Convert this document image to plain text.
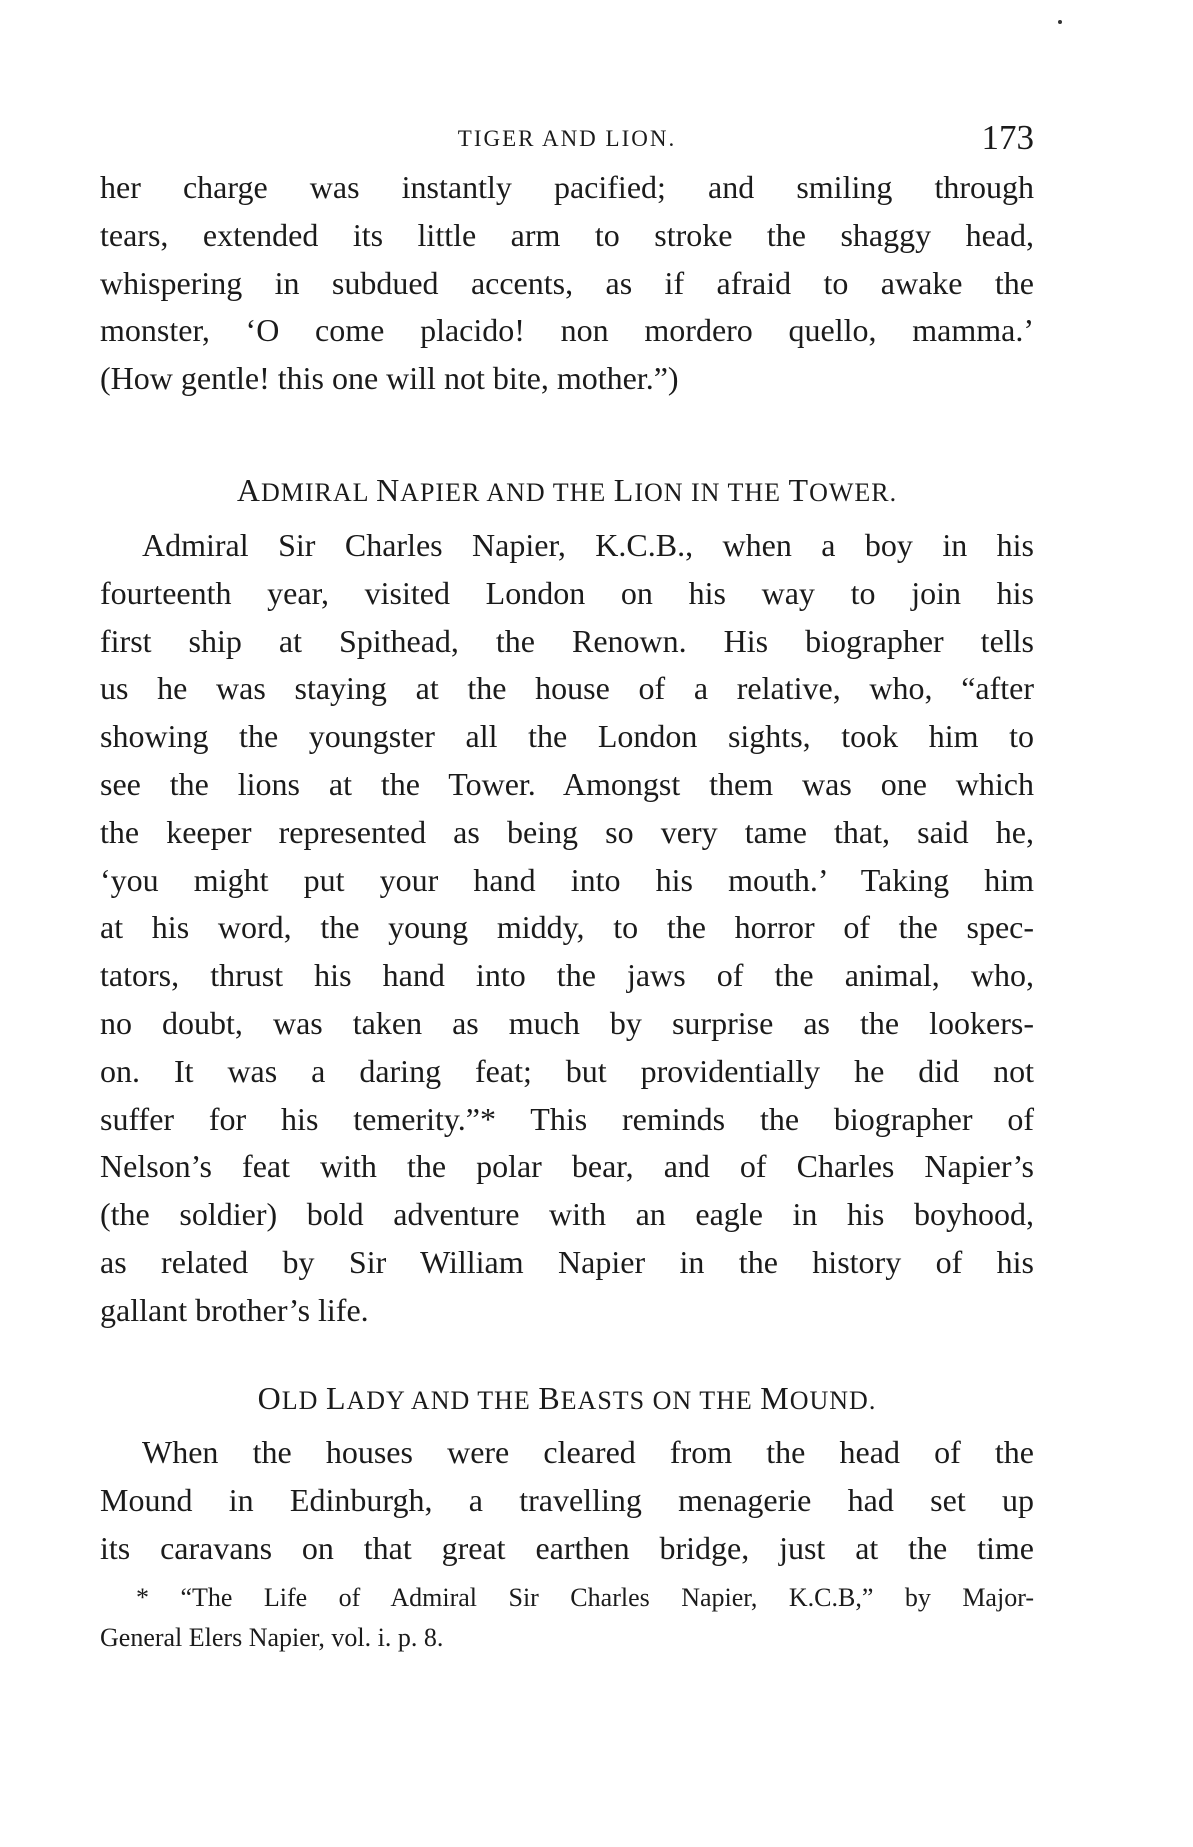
TIGER AND LION.	173
her charge was instantly pacified; and smiling through
tears, extended its little arm to stroke the shaggy head,
whispering in subdued accents, as if afraid to awake the
monster, ‘O come placido! non mordero quello, mamma.’
(How gentle! this one will not bite, mother.”)
ADMIRAL NAPIER AND THE LION IN THE TOWER.
Admiral Sir Charles Napier, K.C.B., when a boy in his
fourteenth year, visited London on his way to join his
first ship at Spithead, the Renown. His biographer tells
us he was staying at the house of a relative, who, “after
showing the youngster all the London sights, took him to
see the lions at the Tower. Amongst them was one which
the keeper represented as being so very tame that, said he,
‘you might put your hand into his mouth.’ Taking him
at his word, the young middy, to the horror of the spec-
tators, thrust his hand into the jaws of the animal, who,
no doubt, was taken as much by surprise as the lookers-
on. It was a daring feat; but providentially he did not
suffer for his temerity.”* This reminds the biographer of
Nelson’s feat with the polar bear, and of Charles Napier’s
(the soldier) bold adventure with an eagle in his boyhood,
as related by Sir William Napier in the history of his
gallant brother’s life.
OLD LADY AND THE BEASTS ON THE MOUND.
When the houses were cleared from the head of the
Mound in Edinburgh, a travelling menagerie had set up
its caravans on that great earthen bridge, just at the time
* “The Life of Admiral Sir Charles Napier, K.C.B,” by Major-
General Elers Napier, vol. i. p. 8.
